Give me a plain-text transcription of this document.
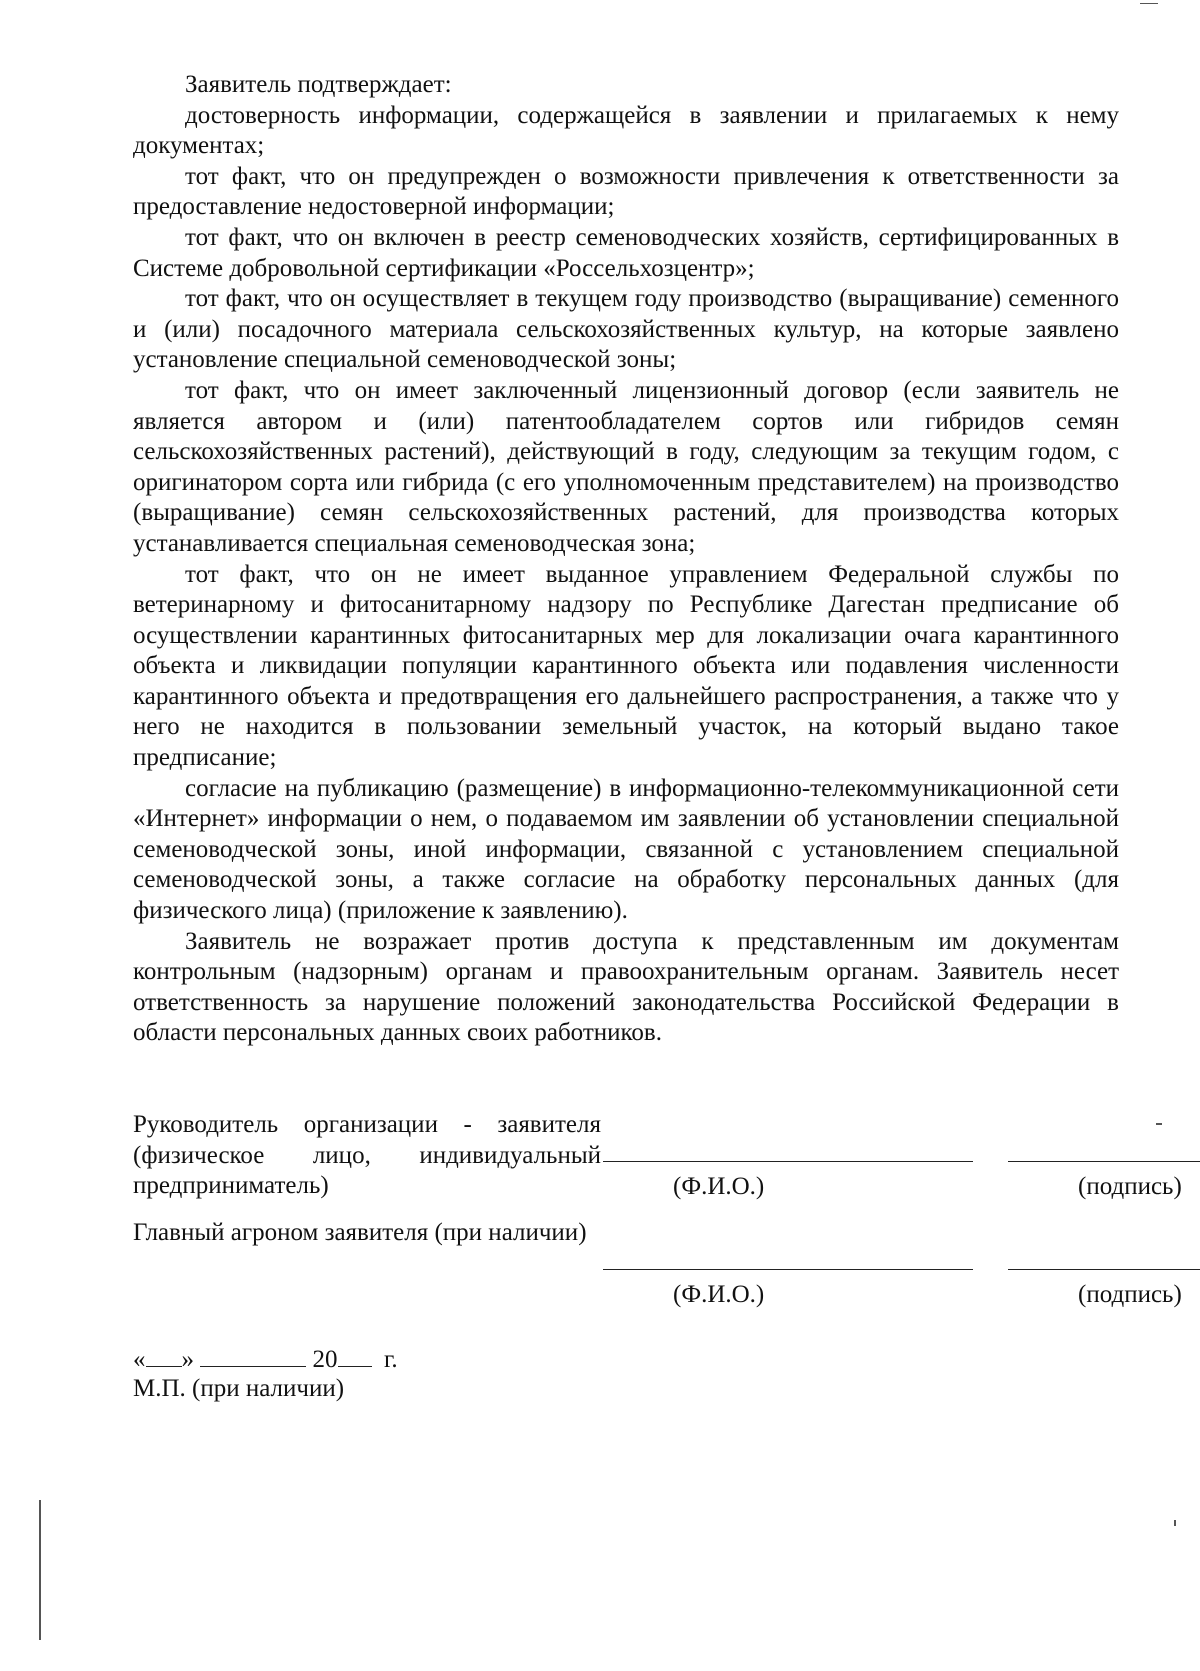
Заявитель подтверждает:

достоверность информации, содержащейся в заявлении и прилагаемых к нему документах;

тот факт, что он предупрежден о возможности привлечения к ответственности за предоставление недостоверной информации;

тот факт, что он включен в реестр семеноводческих хозяйств, сертифицированных в Системе добровольной сертификации «Россельхозцентр»;

тот факт, что он осуществляет в текущем году производство (выращивание) семенного и (или) посадочного материала сельскохозяйственных культур, на которые заявлено установление специальной семеноводческой зоны;

тот факт, что он имеет заключенный лицензионный договор (если заявитель не является автором и (или) патентообладателем сортов или гибридов семян сельскохозяйственных растений), действующий в году, следующим за текущим годом, с оригинатором сорта или гибрида (с его уполномоченным представителем) на производство (выращивание) семян сельскохозяйственных растений, для производства которых устанавливается специальная семеноводческая зона;

тот факт, что он не имеет выданное управлением Федеральной службы по ветеринарному и фитосанитарному надзору по Республике Дагестан предписание об осуществлении карантинных фитосанитарных мер для локализации очага карантинного объекта и ликвидации популяции карантинного объекта или подавления численности карантинного объекта и предотвращения его дальнейшего распространения, а также что у него не находится в пользовании земельный участок, на который выдано такое предписание;

согласие на публикацию (размещение) в информационно-телекоммуникационной сети «Интернет» информации о нем, о подаваемом им заявлении об установлении специальной семеноводческой зоны, иной информации, связанной с установлением специальной семеноводческой зоны, а также согласие на обработку персональных данных (для физического лица) (приложение к заявлению).

Заявитель не возражает против доступа к представленным им документам контрольным (надзорным) органам и правоохранительным органам. Заявитель несет ответственность за нарушение положений законодательства Российской Федерации в области персональных данных своих работников.

Руководитель организации - заявителя (физическое лицо, индивидуальный предприниматель)	(Ф.И.О.)	(подпись)
Главный агроном заявителя (при наличии)
(Ф.И.О.)	(подпись)
« »	20 г.
М.П. (при наличии)
